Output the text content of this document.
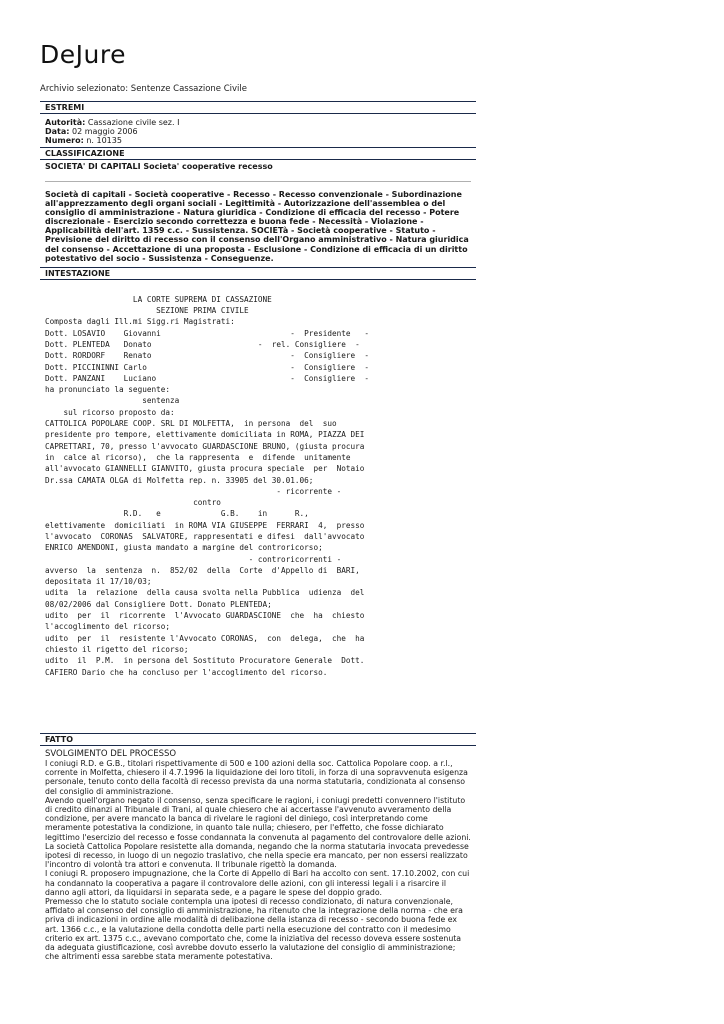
DeJure
Archivio selezionato: Sentenze Cassazione Civile
ESTREMI
Autorità: Cassazione civile sez. I
Data: 02 maggio 2006
Numero: n. 10135
CLASSIFICAZIONE
SOCIETA' DI CAPITALI Societa' cooperative recesso
Società di capitali - Società cooperative - Recesso - Recesso convenzionale - Subordinazione all'apprezzamento degli organi sociali - Legittimità - Autorizzazione dell'assemblea o del consiglio di amministrazione - Natura giuridica - Condizione di efficacia del recesso - Potere discrezionale - Esercizio secondo correttezza e buona fede - Necessità - Violazione - Applicabilità dell'art. 1359 c.c. - Sussistenza. SOCIETà - Società cooperative - Statuto - Previsione del diritto di recesso con il consenso dell'Organo amministrativo - Natura giuridica del consenso - Accettazione di una proposta - Esclusione - Condizione di efficacia di un diritto potestativo del socio - Sussistenza - Conseguenze.
INTESTAZIONE
LA CORTE SUPREMA DI CASSAZIONE
SEZIONE PRIMA CIVILE
Composta dagli Ill.mi Sigg.ri Magistrati:
Dott. LOSAVIO    Giovanni                            -  Presidente   -
Dott. PLENTEDA   Donato                       -  rel. Consigliere  -
Dott. RORDORF    Renato                              -  Consigliere  -
Dott. PICCININNI Carlo                               -  Consigliere  -
Dott. PANZANI    Luciano                             -  Consigliere  -
ha pronunciato la seguente:
sentenza
sul ricorso proposto da:
CATTOLICA POPOLARE COOP. SRL DI MOLFETTA,  in persona  del  suo
presidente pro tempore, elettivamente domiciliata in ROMA, PIAZZA DEI
CAPRETTARI, 70, presso l'avvocato GUARDASCIONE BRUNO, (giusta procura
in  calce al ricorso),  che la rappresenta  e  difende  unitamente
all'avvocato GIANNELLI GIANVITO, giusta procura speciale  per  Notaio
Dr.ssa CAMATA OLGA di Molfetta rep. n. 33905 del 30.01.06;
- ricorrente -
contro
R.D.   e             G.B.    in      R.,
elettivamente  domiciliati  in ROMA VIA GIUSEPPE  FERRARI  4,  presso
l'avvocato  CORONAS  SALVATORE, rappresentati e difesi  dall'avvocato
ENRICO AMENDONI, giusta mandato a margine del controricorso;
- controricorrenti -
avverso  la  sentenza  n.  852/02  della  Corte  d'Appello di  BARI,
depositata il 17/10/03;
udita  la  relazione  della causa svolta nella Pubblica  udienza  del
08/02/2006 dal Consigliere Dott. Donato PLENTEDA;
udito  per  il  ricorrente  l'Avvocato GUARDASCIONE  che  ha  chiesto
l'accoglimento del ricorso;
udito  per  il  resistente l'Avvocato CORONAS,  con  delega,  che  ha
chiesto il rigetto del ricorso;
udito  il  P.M.  in persona del Sostituto Procuratore Generale  Dott.
CAFIERO Dario che ha concluso per l'accoglimento del ricorso.
FATTO
SVOLGIMENTO DEL PROCESSO
I coniugi R.D. e G.B., titolari rispettivamente di 500 e 100 azioni della soc. Cattolica Popolare coop. a r.l., corrente in Molfetta, chiesero il 4.7.1996 la liquidazione dei loro titoli, in forza di una sopravvenuta esigenza personale, tenuto conto della facoltà di recesso prevista da una norma statutaria, condizionata al consenso del consiglio di amministrazione.
Avendo quell'organo negato il consenso, senza specificare le ragioni, i coniugi predetti convennero l'istituto di credito dinanzi al Tribunale di Trani, al quale chiesero che ai accertasse l'avvenuto avveramento della condizione, per avere mancato la banca di rivelare le ragioni del diniego, così interpretando come meramente potestativa la condizione, in quanto tale nulla; chiesero, per l'effetto, che fosse dichiarato legittimo l'esercizio del recesso e fosse condannata la convenuta al pagamento del controvalore delle azioni.
La società Cattolica Popolare resistette alla domanda, negando che la norma statutaria invocata prevedesse ipotesi di recesso, in luogo di un negozio traslativo, che nella specie era mancato, per non essersi realizzato l'incontro di volontà tra attori e convenuta. Il tribunale rigettò la domanda.
I coniugi R. proposero impugnazione, che la Corte di Appello di Bari ha accolto con sent. 17.10.2002, con cui ha condannato la cooperativa a pagare il controvalore delle azioni, con gli interessi legali i a risarcire il danno agli attori, da liquidarsi in separata sede, e a pagare le spese del doppio grado.
Premesso che lo statuto sociale contempla una ipotesi di recesso condizionato, di natura convenzionale, affidato al consenso del consiglio di amministrazione, ha ritenuto che la integrazione della norma - che era priva di indicazioni in ordine alle modalità di delibazione della istanza di recesso - secondo buona fede ex art. 1366 c.c., e la valutazione della condotta delle parti nella esecuzione del contratto con il medesimo criterio ex art. 1375 c.c., avevano comportato che, come la iniziativa del recesso doveva essere sostenuta da adeguata giustificazione, così avrebbe dovuto esserlo la valutazione del consiglio di amministrazione; che altrimenti essa sarebbe stata meramente potestativa.
